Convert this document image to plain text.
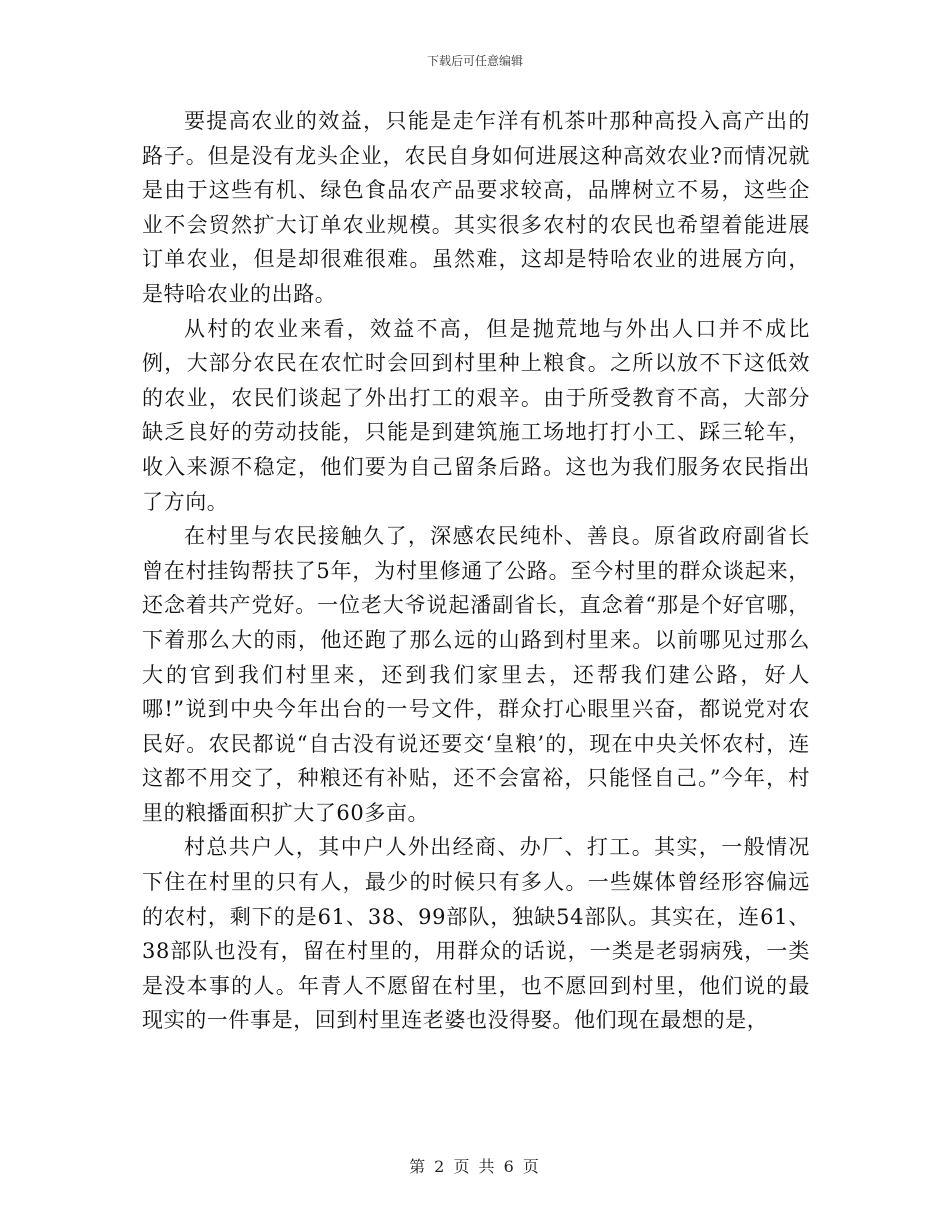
下载后可任意编辑

要提高农业的效益，只能是走乍洋有机茶叶那种高投入高产出的路子。但是没有龙头企业，农民自身如何进展这种高效农业?而情况就是由于这些有机、绿色食品农产品要求较高，品牌树立不易，这些企业不会贸然扩大订单农业规模。其实很多农村的农民也希望着能进展订单农业，但是却很难很难。虽然难，这却是特哈农业的进展方向，是特哈农业的出路。

从村的农业来看，效益不高，但是抛荒地与外出人口并不成比例，大部分农民在农忙时会回到村里种上粮食。之所以放不下这低效的农业，农民们谈起了外出打工的艰辛。由于所受教育不高，大部分缺乏良好的劳动技能，只能是到建筑施工场地打打小工、踩三轮车，收入来源不稳定，他们要为自己留条后路。这也为我们服务农民指出了方向。

在村里与农民接触久了，深感农民纯朴、善良。原省政府副省长曾在村挂钩帮扶了5年，为村里修通了公路。至今村里的群众谈起来，还念着共产党好。一位老大爷说起潘副省长，直念着“那是个好官哪，下着那么大的雨，他还跑了那么远的山路到村里来。以前哪见过那么大的官到我们村里来，还到我们家里去，还帮我们建公路，好人哪!”说到中央今年出台的一号文件，群众打心眼里兴奋，都说党对农民好。农民都说“自古没有说还要交‘皇粮’的，现在中央关怀农村，连这都不用交了，种粮还有补贴，还不会富裕，只能怪自己。”今年，村里的粮播面积扩大了60多亩。

村总共户人，其中户人外出经商、办厂、打工。其实，一般情况下住在村里的只有人，最少的时候只有多人。一些媒体曾经形容偏远的农村，剩下的是61、38、99部队，独缺54部队。其实在，连61、38部队也没有，留在村里的，用群众的话说，一类是老弱病残，一类是没本事的人。年青人不愿留在村里，也不愿回到村里，他们说的最现实的一件事是，回到村里连老婆也没得娶。他们现在最想的是，

第 2 页 共 6 页
